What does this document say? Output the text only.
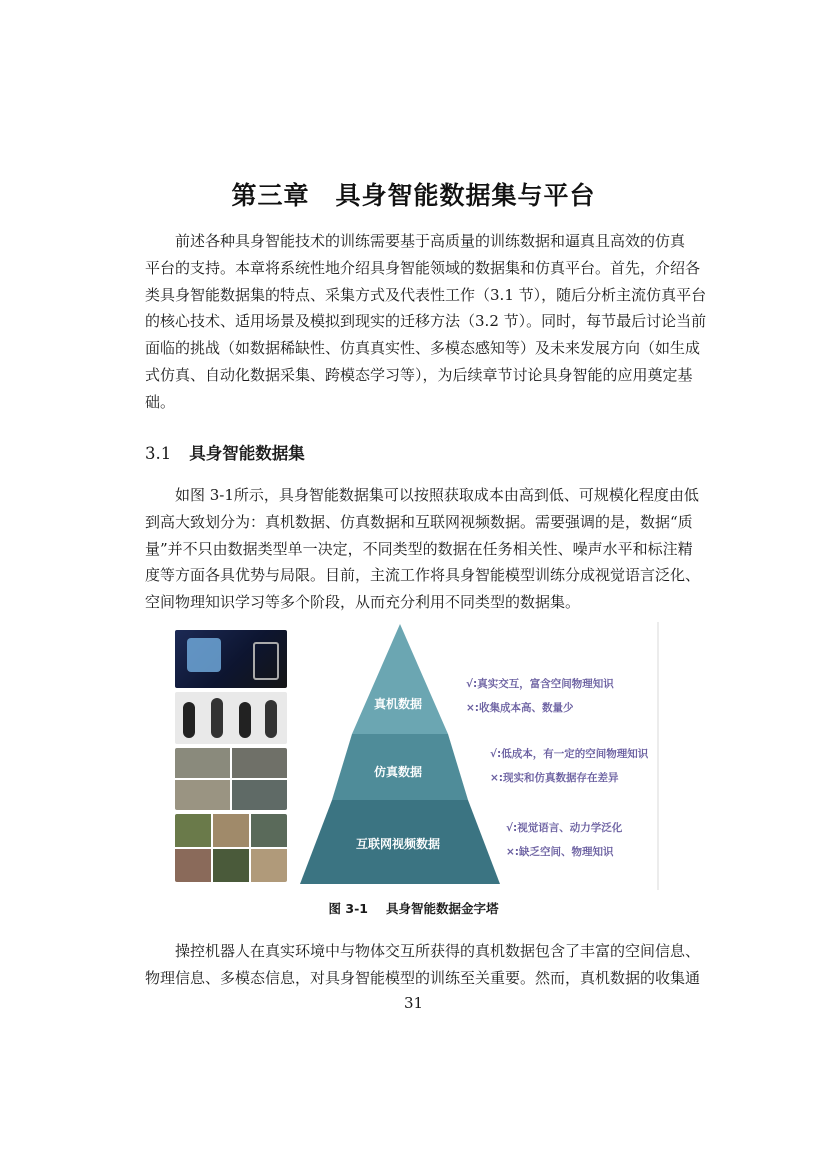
第三章 具身智能数据集与平台

前述各种具身智能技术的训练需要基于高质量的训练数据和逼真且高效的仿真
平台的支持。本章将系统性地介绍具身智能领域的数据集和仿真平台。首先，介绍各
类具身智能数据集的特点、采集方式及代表性工作（3.1 节），随后分析主流仿真平台
的核心技术、适用场景及模拟到现实的迁移方法（3.2 节）。同时，每节最后讨论当前
面临的挑战（如数据稀缺性、仿真真实性、多模态感知等）及未来发展方向（如生成
式仿真、自动化数据采集、跨模态学习等），为后续章节讨论具身智能的应用奠定基
础。

3.1 具身智能数据集

如图 3-1所示，具身智能数据集可以按照获取成本由高到低、可规模化程度由低
到高大致划分为：真机数据、仿真数据和互联网视频数据。需要强调的是，数据“质
量”并不只由数据类型单一决定，不同类型的数据在任务相关性、噪声水平和标注精
度等方面各具优势与局限。目前，主流工作将具身智能模型训练分成视觉语言泛化、
空间物理知识学习等多个阶段，从而充分利用不同类型的数据集。

真机数据
仿真数据
互联网视频数据
√:真实交互，富含空间物理知识
×:收集成本高、数量少
√:低成本，有一定的空间物理知识
×:现实和仿真数据存在差异
√:视觉语言、动力学泛化
×:缺乏空间、物理知识
图 3-1 具身智能数据金字塔

操控机器人在真实环境中与物体交互所获得的真机数据包含了丰富的空间信息、
物理信息、多模态信息，对具身智能模型的训练至关重要。然而，真机数据的收集通

31
